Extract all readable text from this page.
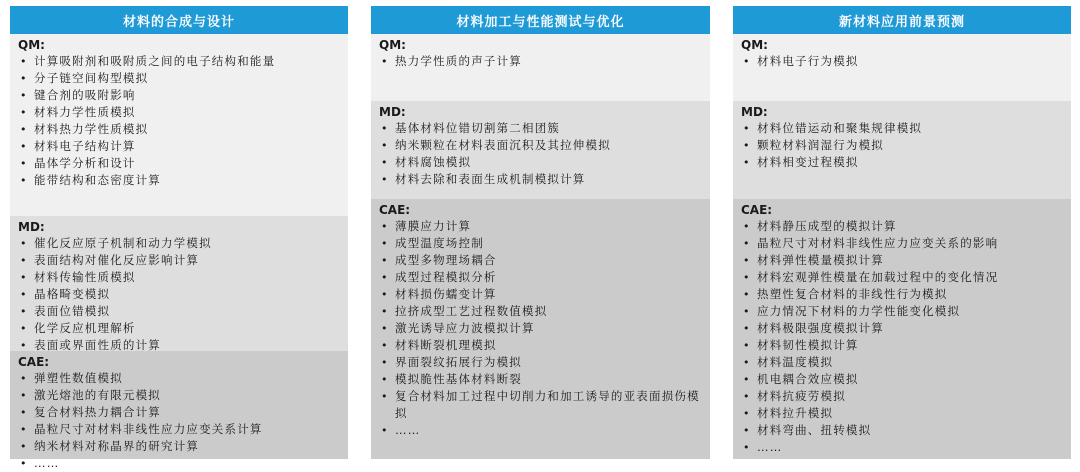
材料的合成与设计
QM:
• 计算吸附剂和吸附质之间的电子结构和能量
• 分子链空间构型模拟
• 键合剂的吸附影响
• 材料力学性质模拟
• 材料热力学性质模拟
• 材料电子结构计算
• 晶体学分析和设计
• 能带结构和态密度计算
MD:
• 催化反应原子机制和动力学模拟
• 表面结构对催化反应影响计算
• 材料传输性质模拟
• 晶格畸变模拟
• 表面位错模拟
• 化学反应机理解析
• 表面或界面性质的计算
CAE:
• 弹塑性数值模拟
• 激光熔池的有限元模拟
• 复合材料热力耦合计算
• 晶粒尺寸对材料非线性应力应变关系计算
• 纳米材料对称晶界的研究计算
• ……
材料加工与性能测试与优化
QM:
• 热力学性质的声子计算
MD:
• 基体材料位错切割第二相团簇
• 纳米颗粒在材料表面沉积及其拉伸模拟
• 材料腐蚀模拟
• 材料去除和表面生成机制模拟计算
CAE:
• 薄膜应力计算
• 成型温度场控制
• 成型多物理场耦合
• 成型过程模拟分析
• 材料损伤蠕变计算
• 拉挤成型工艺过程数值模拟
• 激光诱导应力波模拟计算
• 材料断裂机理模拟
• 界面裂纹拓展行为模拟
• 模拟脆性基体材料断裂
• 复合材料加工过程中切削力和加工诱导的亚表面损伤模拟
• ……
新材料应用前景预测
QM:
• 材料电子行为模拟
MD:
• 材料位错运动和聚集规律模拟
• 颗粒材料润湿行为模拟
• 材料相变过程模拟
CAE:
• 材料静压成型的模拟计算
• 晶粒尺寸对材料非线性应力应变关系的影响
• 材料弹性模量模拟计算
• 材料宏观弹性模量在加载过程中的变化情况
• 热塑性复合材料的非线性行为模拟
• 应力情况下材料的力学性能变化模拟
• 材料极限强度模拟计算
• 材料韧性模拟计算
• 材料温度模拟
• 机电耦合效应模拟
• 材料抗疲劳模拟
• 材料拉升模拟
• 材料弯曲、扭转模拟
• ……
